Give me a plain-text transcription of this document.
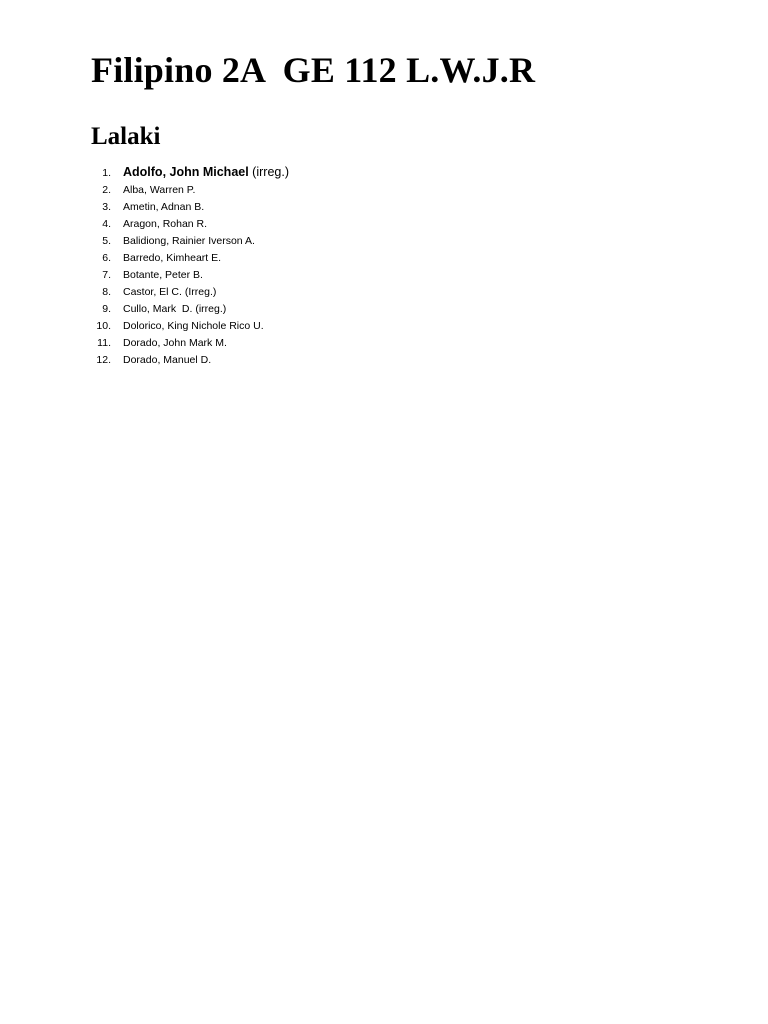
Filipino 2A  GE 112 L.W.J.R
Lalaki
1. Adolfo, John Michael (irreg.)
2.	Alba, Warren P.
3.	Ametin, Adnan B.
4.	Aragon, Rohan R.
5.	Balidiong, Rainier Iverson A.
6.	Barredo, Kimheart E.
7.	Botante, Peter B.
8.	Castor, El C. (Irreg.)
9.	Cullo, Mark  D. (irreg.)
10.	Dolorico, King Nichole Rico U.
11.	Dorado, John Mark M.
12.	Dorado, Manuel D.
